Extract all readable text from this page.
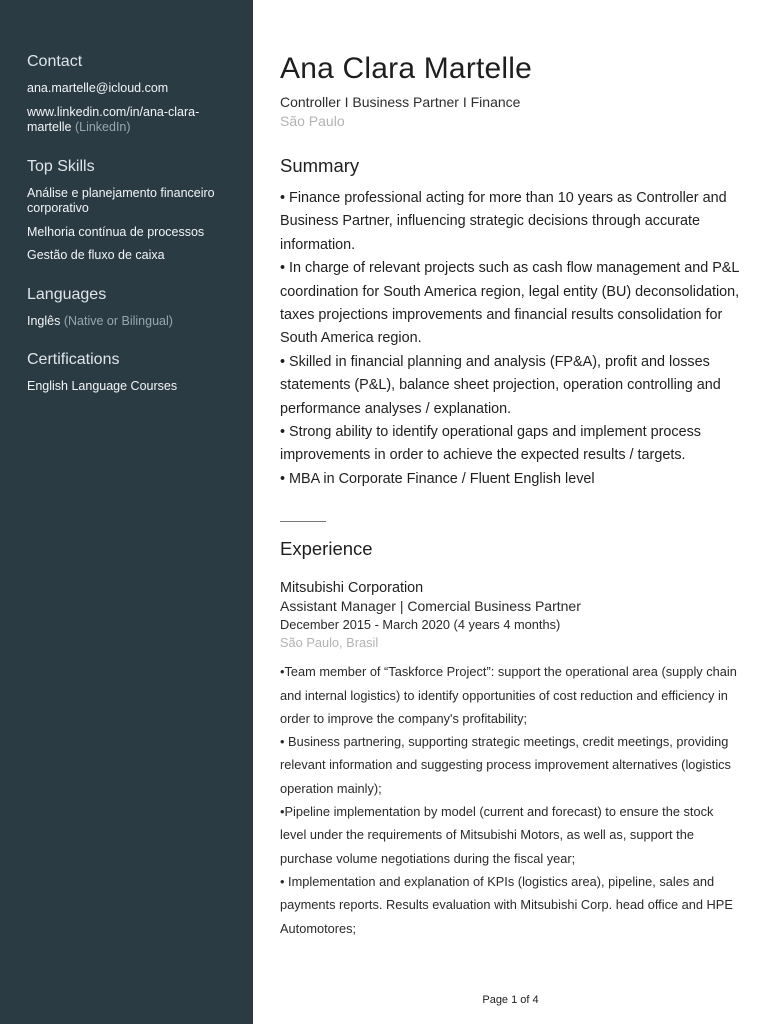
Contact

ana.martelle@icloud.com

www.linkedin.com/in/ana-clara-martelle (LinkedIn)

Top Skills

Análise e planejamento financeiro corporativo

Melhoria contínua de processos

Gestão de fluxo de caixa

Languages

Inglês (Native or Bilingual)

Certifications

English Language Courses

Ana Clara Martelle

Controller I Business Partner I Finance

São Paulo

Summary
• Finance professional acting for more than 10 years as Controller and Business Partner, influencing strategic decisions through accurate information.
• In charge of relevant projects such as cash flow management and P&L coordination for South America region, legal entity (BU) deconsolidation, taxes projections improvements and financial results consolidation for South America region.
• Skilled in financial planning and analysis (FP&A), profit and losses statements (P&L), balance sheet projection, operation controlling and performance analyses / explanation.
• Strong ability to identify operational gaps and implement process improvements in order to achieve the expected results / targets.
• MBA in Corporate Finance / Fluent English level
Experience

Mitsubishi Corporation

Assistant Manager | Comercial Business Partner

December 2015 - March 2020 (4 years 4 months)

São Paulo, Brasil

•Team member of “Taskforce Project”: support the operational area (supply chain and internal logistics) to identify opportunities of cost reduction and efficiency in order to improve the company's profitability;
• Business partnering, supporting strategic meetings, credit meetings, providing relevant information and suggesting process improvement alternatives (logistics operation mainly);
•Pipeline implementation by model (current and forecast) to ensure the stock level under the requirements of Mitsubishi Motors, as well as, support the purchase volume negotiations during the fiscal year;
• Implementation and explanation of KPIs (logistics area), pipeline, sales and payments reports. Results evaluation with Mitsubishi Corp. head office and HPE Automotores;
Page 1 of 4
